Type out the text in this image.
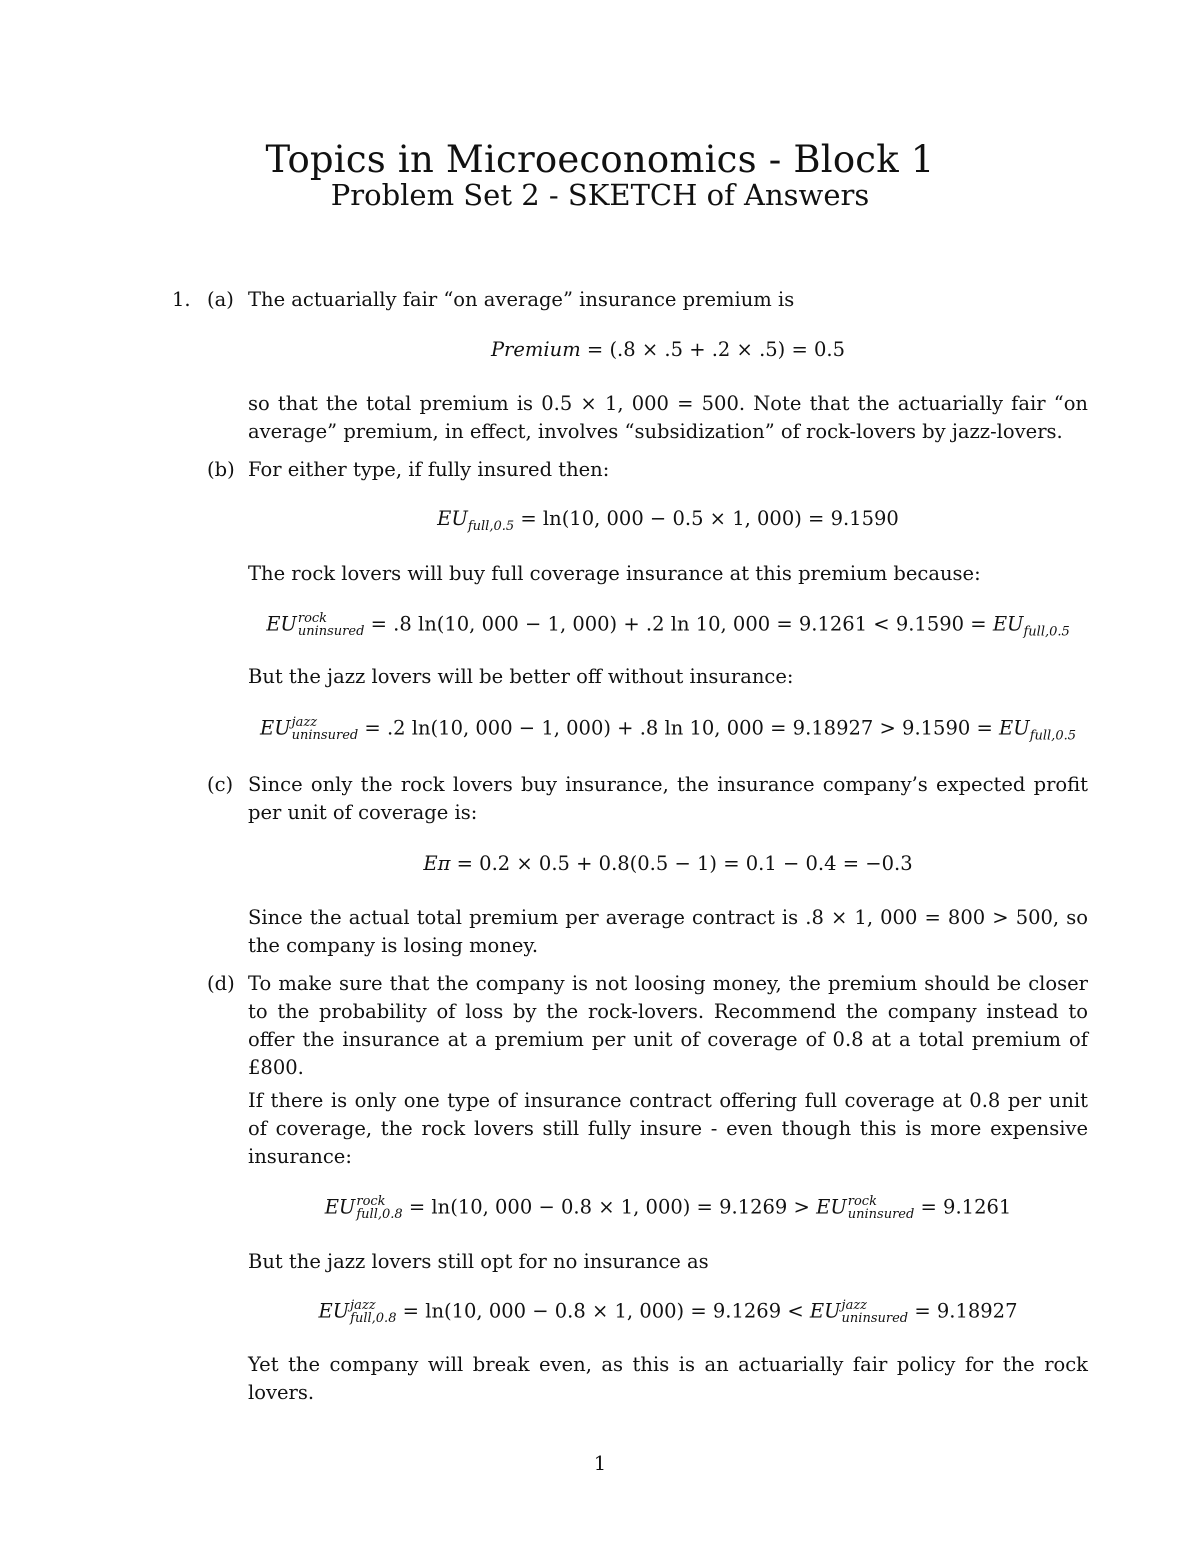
Topics in Microeconomics - Block 1
Problem Set 2 - SKETCH of Answers
1. (a) The actuarially fair “on average” insurance premium is
Premium = (.8 × .5 + .2 × .5) = 0.5
so that the total premium is 0.5 × 1, 000 = 500. Note that the actuarially fair “on average” premium, in effect, involves “subsidization” of rock-lovers by jazz-lovers.
(b) For either type, if fully insured then:
$EU_{full,0.5} = \ln(10$, 000 − 0.5 × 1, 000) = 9.1590
The rock lovers will buy full coverage insurance at this premium because:
EU rock
uninsured = .8 ln(10, 000 − 1, 000) + .2 ln 10, $000 = 9.1261 < 9.1590 = EU_{full,0.5}$
But the jazz lovers will be better off without insurance:
EU jazz
uninsured = .2 ln(10, 000 − 1, 000) + .8 ln 10, $000 = 9.18927 > 9.1590 = EU_{full,0.5}$
(c) Since only the rock lovers buy insurance, the insurance company’s expected profit per unit of coverage is:
Eπ = 0.2 × 0.5 + 0.8(0.5 − 1) = 0.1 − 0.4 = −0.3
Since the actual total premium per average contract is .8 × 1, 000 = 800 > 500, so the company is losing money.
(d) To make sure that the company is not loosing money, the premium should be closer to the probability of loss by the rock-lovers. Recommend the company instead to offer the insurance at a premium per unit of coverage of 0.8 at a total premium of £800.
If there is only one type of insurance contract offering full coverage at 0.8 per unit of coverage, the rock lovers still fully insure - even though this is more expensive insurance:
EU rock
full,0.8 = ln(10, 000 − 0.8 × 1, 000) = 9.1269 > EU rock
uninsured = 9.1261
But the jazz lovers still opt for no insurance as
EU jazz
full,0.8 = ln(10, 000 − 0.8 × 1, 000) = 9.1269 < EU jazz
uninsured = 9.18927
Yet the company will break even, as this is an actuarially fair policy for the rock lovers.
1
